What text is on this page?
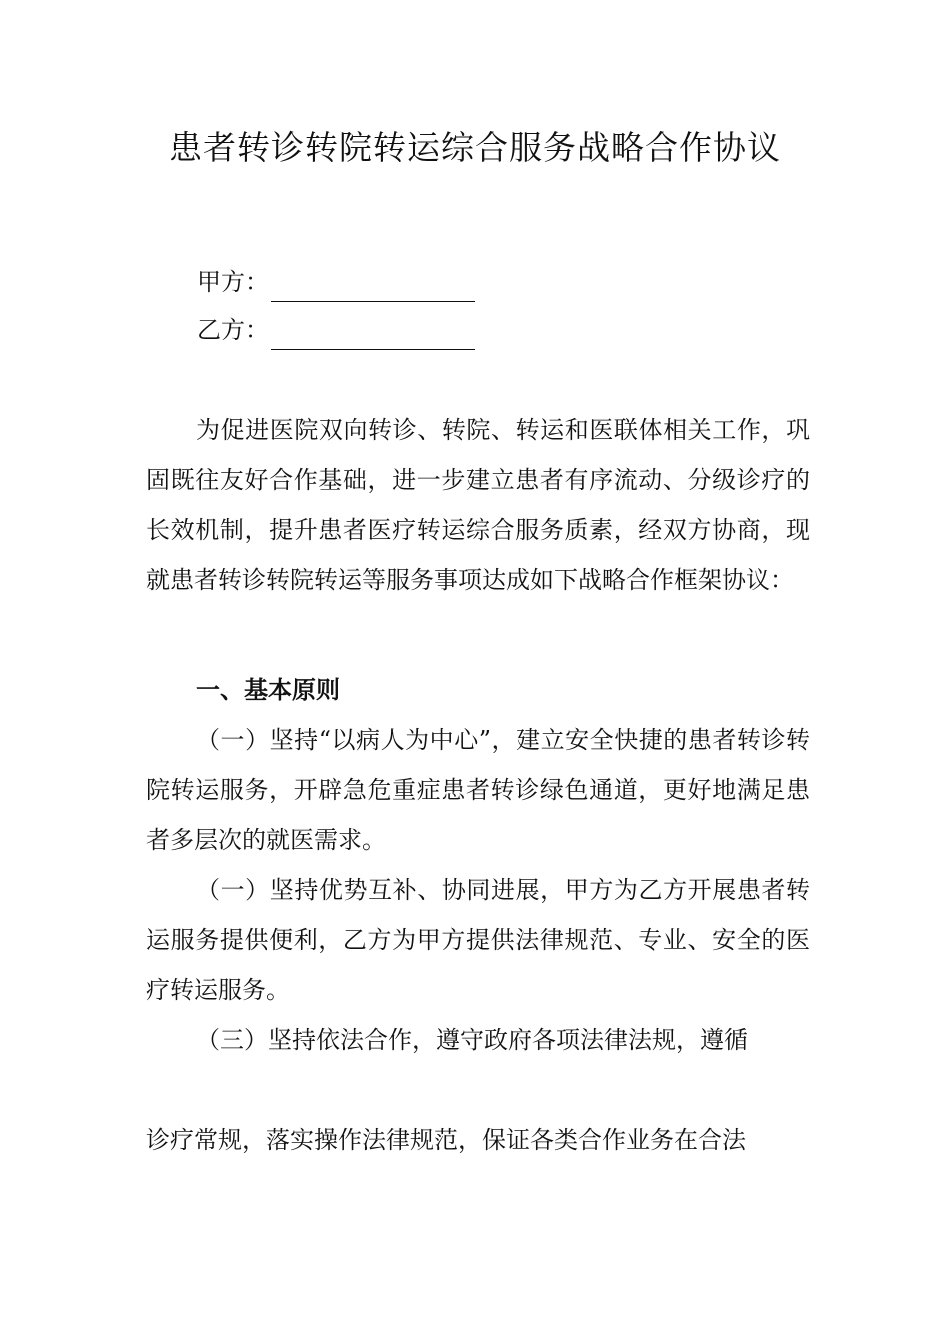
患者转诊转院转运综合服务战略合作协议
甲方：
乙方：

为促进医院双向转诊、转院、转运和医联体相关工作，巩固既往友好合作基础，进一步建立患者有序流动、分级诊疗的长效机制，提升患者医疗转运综合服务质素，经双方协商，现就患者转诊转院转运等服务事项达成如下战略合作框架协议：

一、基本原则

（一）坚持“以病人为中心”，建立安全快捷的患者转诊转院转运服务，开辟急危重症患者转诊绿色通道，更好地满足患者多层次的就医需求。

（一）坚持优势互补、协同进展，甲方为乙方开展患者转运服务提供便利，乙方为甲方提供法律规范、专业、安全的医疗转运服务。

（三）坚持依法合作，遵守政府各项法律法规，遵循

诊疗常规，落实操作法律规范，保证各类合作业务在合法
